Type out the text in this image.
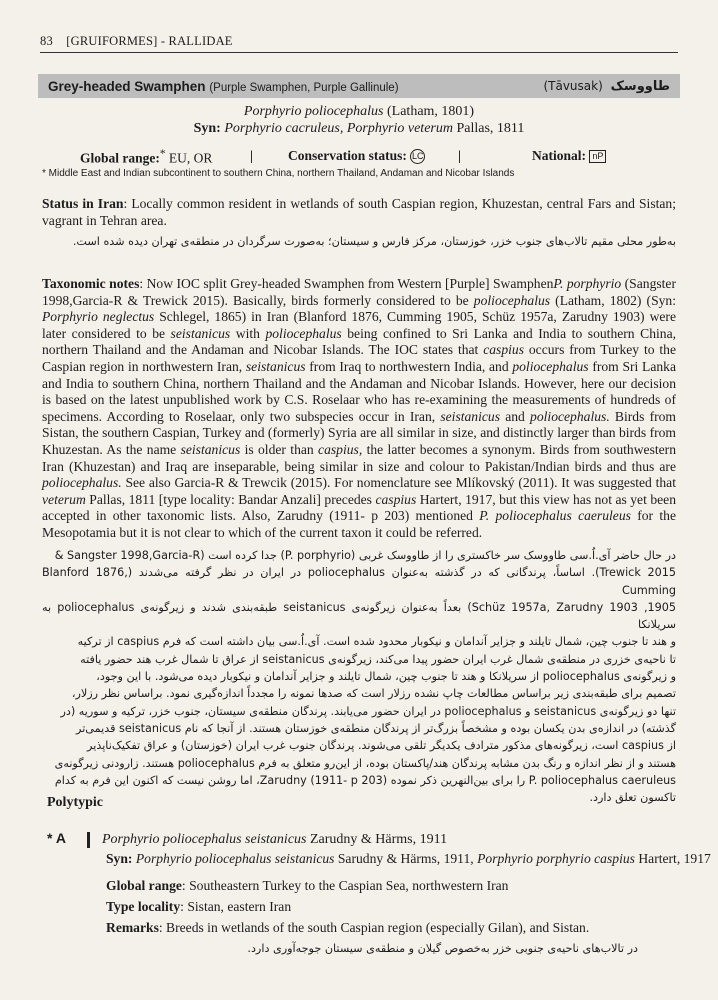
83 [GRUIFORMES] - RALLIDAE
Grey-headed Swamphen (Purple Swamphen, Purple Gallinule)	(Tāvusak) طاووسک
Porphyrio poliocephalus (Latham, 1801)
Syn: Porphyrio cacruleus, Porphyrio veterum Pallas, 1811
Global range:* EU, OR	|	Conservation status: LC	|	National: nP
* Middle East and Indian subcontinent to southern China, northern Thailand, Andaman and Nicobar Islands
Status in Iran: Locally common resident in wetlands of south Caspian region, Khuzestan, central Fars and Sistan; vagrant in Tehran area.
به‌طور محلی مقیم تالاب‌های جنوب خزر، خوزستان، مرکز فارس و سیستان؛ به‌صورت سرگردان در منطقه‌ی تهران دیده شده است.
Taxonomic notes: Now IOC split Grey-headed Swamphen from Western [Purple] SwamphenP. porphyrio (Sangster 1998,Garcia-R & Trewick 2015). Basically, birds formerly considered to be poliocephalus (Latham, 1802) (Syn: Porphyrio neglectus Schlegel, 1865) in Iran (Blanford 1876, Cumming 1905, Schüz 1957a, Zarudny 1903) were later considered to be seistanicus with poliocephalus being confined to Sri Lanka and India to southern China, northern Thailand and the Andaman and Nicobar Islands. The IOC states that caspius occurs from Turkey to the Caspian region in northwestern Iran, seistanicus from Iraq to northwestern India, and poliocephalus from Sri Lanka and India to southern China, northern Thailand and the Andaman and Nicobar Islands. However, here our decision is based on the latest unpublished work by C.S. Roselaar who has re-examining the measurements of hundreds of specimens. According to Roselaar, only two subspecies occur in Iran, seistanicus and poliocephalus. Birds from Sistan, the southern Caspian, Turkey and (formerly) Syria are all similar in size, and distinctly larger than birds from Khuzestan. As the name seistanicus is older than caspius, the latter becomes a synonym. Birds from southwestern Iran (Khuzestan) and Iraq are inseparable, being similar in size and colour to Pakistan/Indian birds and thus are poliocephalus. See also Garcia-R & Trewcik (2015). For nomenclature see Mlíkovský (2011). It was suggested that veterum Pallas, 1811 [type locality: Bandar Anzali] precedes caspius Hartert, 1917, but this view has not as yet been accepted in other taxonomic lists. Also, Zarudny (1911- p 203) mentioned P. poliocephalus caeruleus for the Mesopotamia but it is not clear to which of the current taxon it could be referred.
در حال حاضر آی.اُ.سی طاووسک سر خاکستری را از طاووسک غربی (P. porphyrio) جدا کرده است (Sangster 1998,Garcia-R &
Trewick 2015). اساساً، پرندگانی که در گذشته به‌عنوان poliocephalus در ایران در نظر گرفته می‌شدند (Blanford 1876, Cumming
1905, Schüz 1957a, Zarudny 1903) بعداً به‌عنوان زیرگونه‌ی seistanicus طبقه‌بندی شدند و زیرگونه‌ی poliocephalus به سریلانکا
و هند تا جنوب چین، شمال تایلند و جزایر آندامان و نیکوبار محدود شده است. آی.اُ.سی بیان داشته است که فرم caspius از ترکیه
تا ناحیه‌ی خزری در منطقه‌ی شمال غرب ایران حضور پیدا می‌کند، زیرگونه‌ی seistanicus از عراق تا شمال غرب هند حضور یافته
و زیرگونه‌ی poliocephalus از سریلانکا و هند تا جنوب چین، شمال تایلند و جزایر آندامان و نیکوبار دیده می‌شود. با این وجود،
تصمیم برای طبقه‌بندی زیر براساس مطالعات چاپ نشده رزلار است که صدها نمونه را مجدداً اندازه‌گیری نمود. براساس نظر رزلار،
تنها دو زیرگونه‌ی seistanicus و poliocephalus در ایران حضور می‌یابند. پرندگان منطقه‌ی سیستان، جنوب خزر، ترکیه و سوریه (در
گذشته) در اندازه‌ی بدن یکسان بوده و مشخصاً بزرگ‌تر از پرندگان منطقه‌ی خوزستان هستند. از آنجا که نام seistanicus قدیمی‌تر
از caspius است، زیرگونه‌های مذکور مترادف یکدیگر تلقی می‌شوند. پرندگان جنوب غرب ایران (خوزستان) و عراق تفکیک‌ناپذیر
هستند و از نظر اندازه و رنگ بدن مشابه پرندگان هند/پاکستان بوده، از این‌رو متعلق به فرم poliocephalus هستند. زارودنی زیرگونه‌ی
P. poliocephalus caeruleus را برای بین‌النهرین ذکر نموده (Zarudny (1911- p 203، اما روشن نیست که اکنون این فرم به کدام
تاکسون تعلق دارد.
Polytypic
* A	Porphyrio poliocephalus seistanicus Zarudny & Härms, 1911
Syn: Porphyrio poliocephalus seistanicus Sarudny & Härms, 1911, Porphyrio porphyrio caspius Hartert, 1917
Global range: Southeastern Turkey to the Caspian Sea, northwestern Iran
Type locality: Sistan, eastern Iran
Remarks: Breeds in wetlands of the south Caspian region (especially Gilan), and Sistan.
در تالاب‌های ناحیه‌ی جنوبی خزر به‌خصوص گیلان و منطقه‌ی سیستان جوجه‌آوری دارد.
